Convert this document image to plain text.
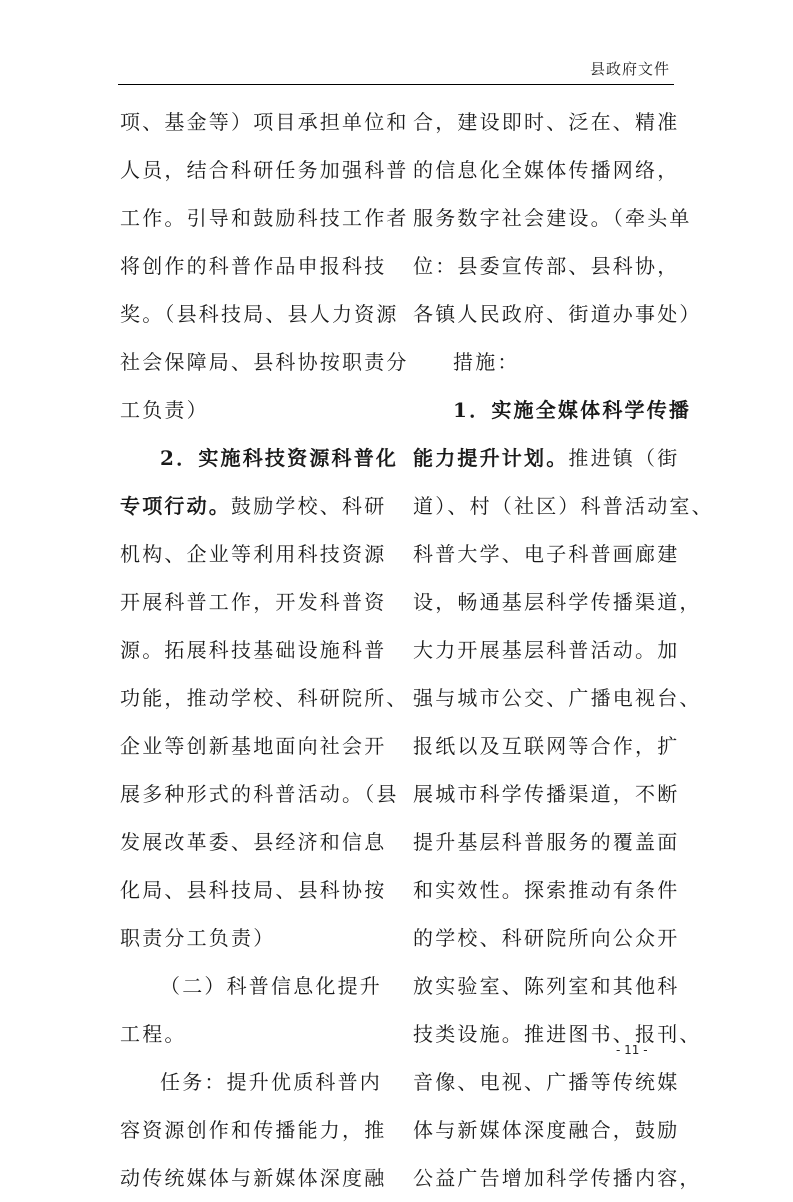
县政府文件
项、基金等）项目承担单位和
人员，结合科研任务加强科普
工作。引导和鼓励科技工作者
将创作的科普作品申报科技
奖。（县科技局、县人力资源
社会保障局、县科协按职责分
工负责）
2．实施科技资源科普化
专项行动。鼓励学校、科研
机构、企业等利用科技资源
开展科普工作，开发科普资
源。拓展科技基础设施科普
功能，推动学校、科研院所、
企业等创新基地面向社会开
展多种形式的科普活动。（县
发展改革委、县经济和信息
化局、县科技局、县科协按
职责分工负责）
（二）科普信息化提升
工程。
任务：提升优质科普内
容资源创作和传播能力，推
动传统媒体与新媒体深度融
合，建设即时、泛在、精准
的信息化全媒体传播网络，
服务数字社会建设。（牵头单
位：县委宣传部、县科协，
各镇人民政府、街道办事处）
措施：
1．实施全媒体科学传播
能力提升计划。推进镇（街
道）、村（社区）科普活动室、
科普大学、电子科普画廊建
设，畅通基层科学传播渠道，
大力开展基层科普活动。加
强与城市公交、广播电视台、
报纸以及互联网等合作，扩
展城市科学传播渠道，不断
提升基层科普服务的覆盖面
和实效性。探索推动有条件
的学校、科研院所向公众开
放实验室、陈列室和其他科
技类设施。推进图书、报刊、
音像、电视、广播等传统媒
体与新媒体深度融合，鼓励
公益广告增加科学传播内容，
- 11 -
